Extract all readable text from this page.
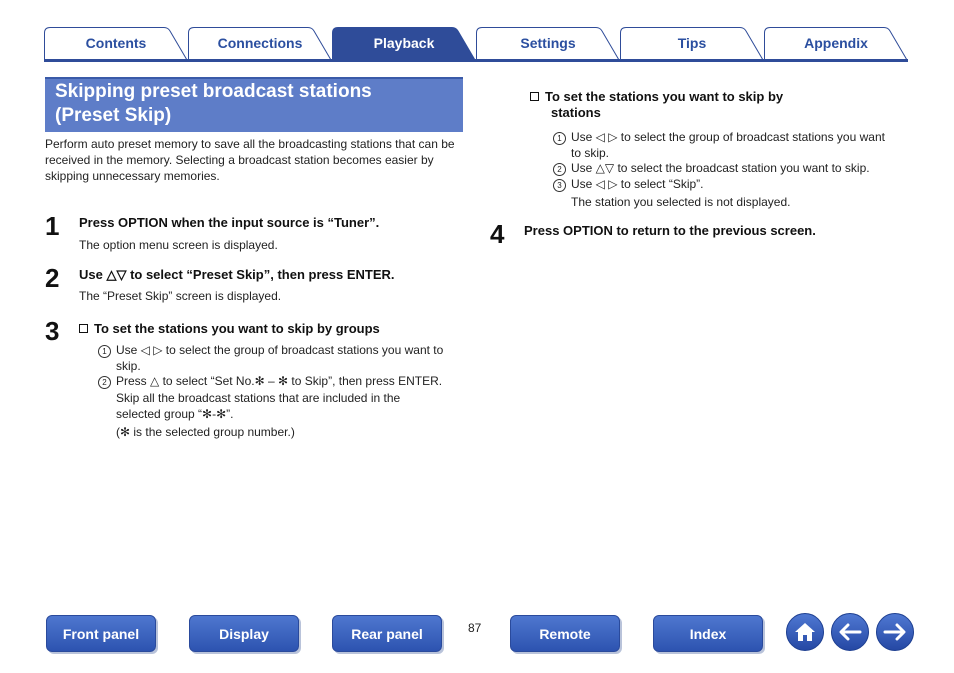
Contents	Connections	Playback	Settings	Tips	Appendix
Skipping preset broadcast stations
(Preset Skip)
Perform auto preset memory to save all the broadcasting stations that can be received in the memory. Selecting a broadcast station becomes easier by skipping unnecessary memories.
1 Press OPTION when the input source is “Tuner”.
The option menu screen is displayed.
2 Use △▽ to select “Preset Skip”, then press ENTER.
The “Preset Skip” screen is displayed.
3	To set the stations you want to skip by groups
1 Use ◁ ▷ to select the group of broadcast stations you want to
skip.
2 Press △ to select “Set No.✻ – ✻ to Skip”, then press ENTER.
Skip all the broadcast stations that are included in the
selected group “✻-✻”.
(✻ is the selected group number.)
To set the stations you want to skip by
stations
1 Use ◁ ▷ to select the group of broadcast stations you want
to skip.
2 Use △▽ to select the broadcast station you want to skip.
3 Use ◁ ▷ to select “Skip”.
The station you selected is not displayed.
4 Press OPTION to return to the previous screen.
Front panel	Display	Rear panel	87	Remote	Index
